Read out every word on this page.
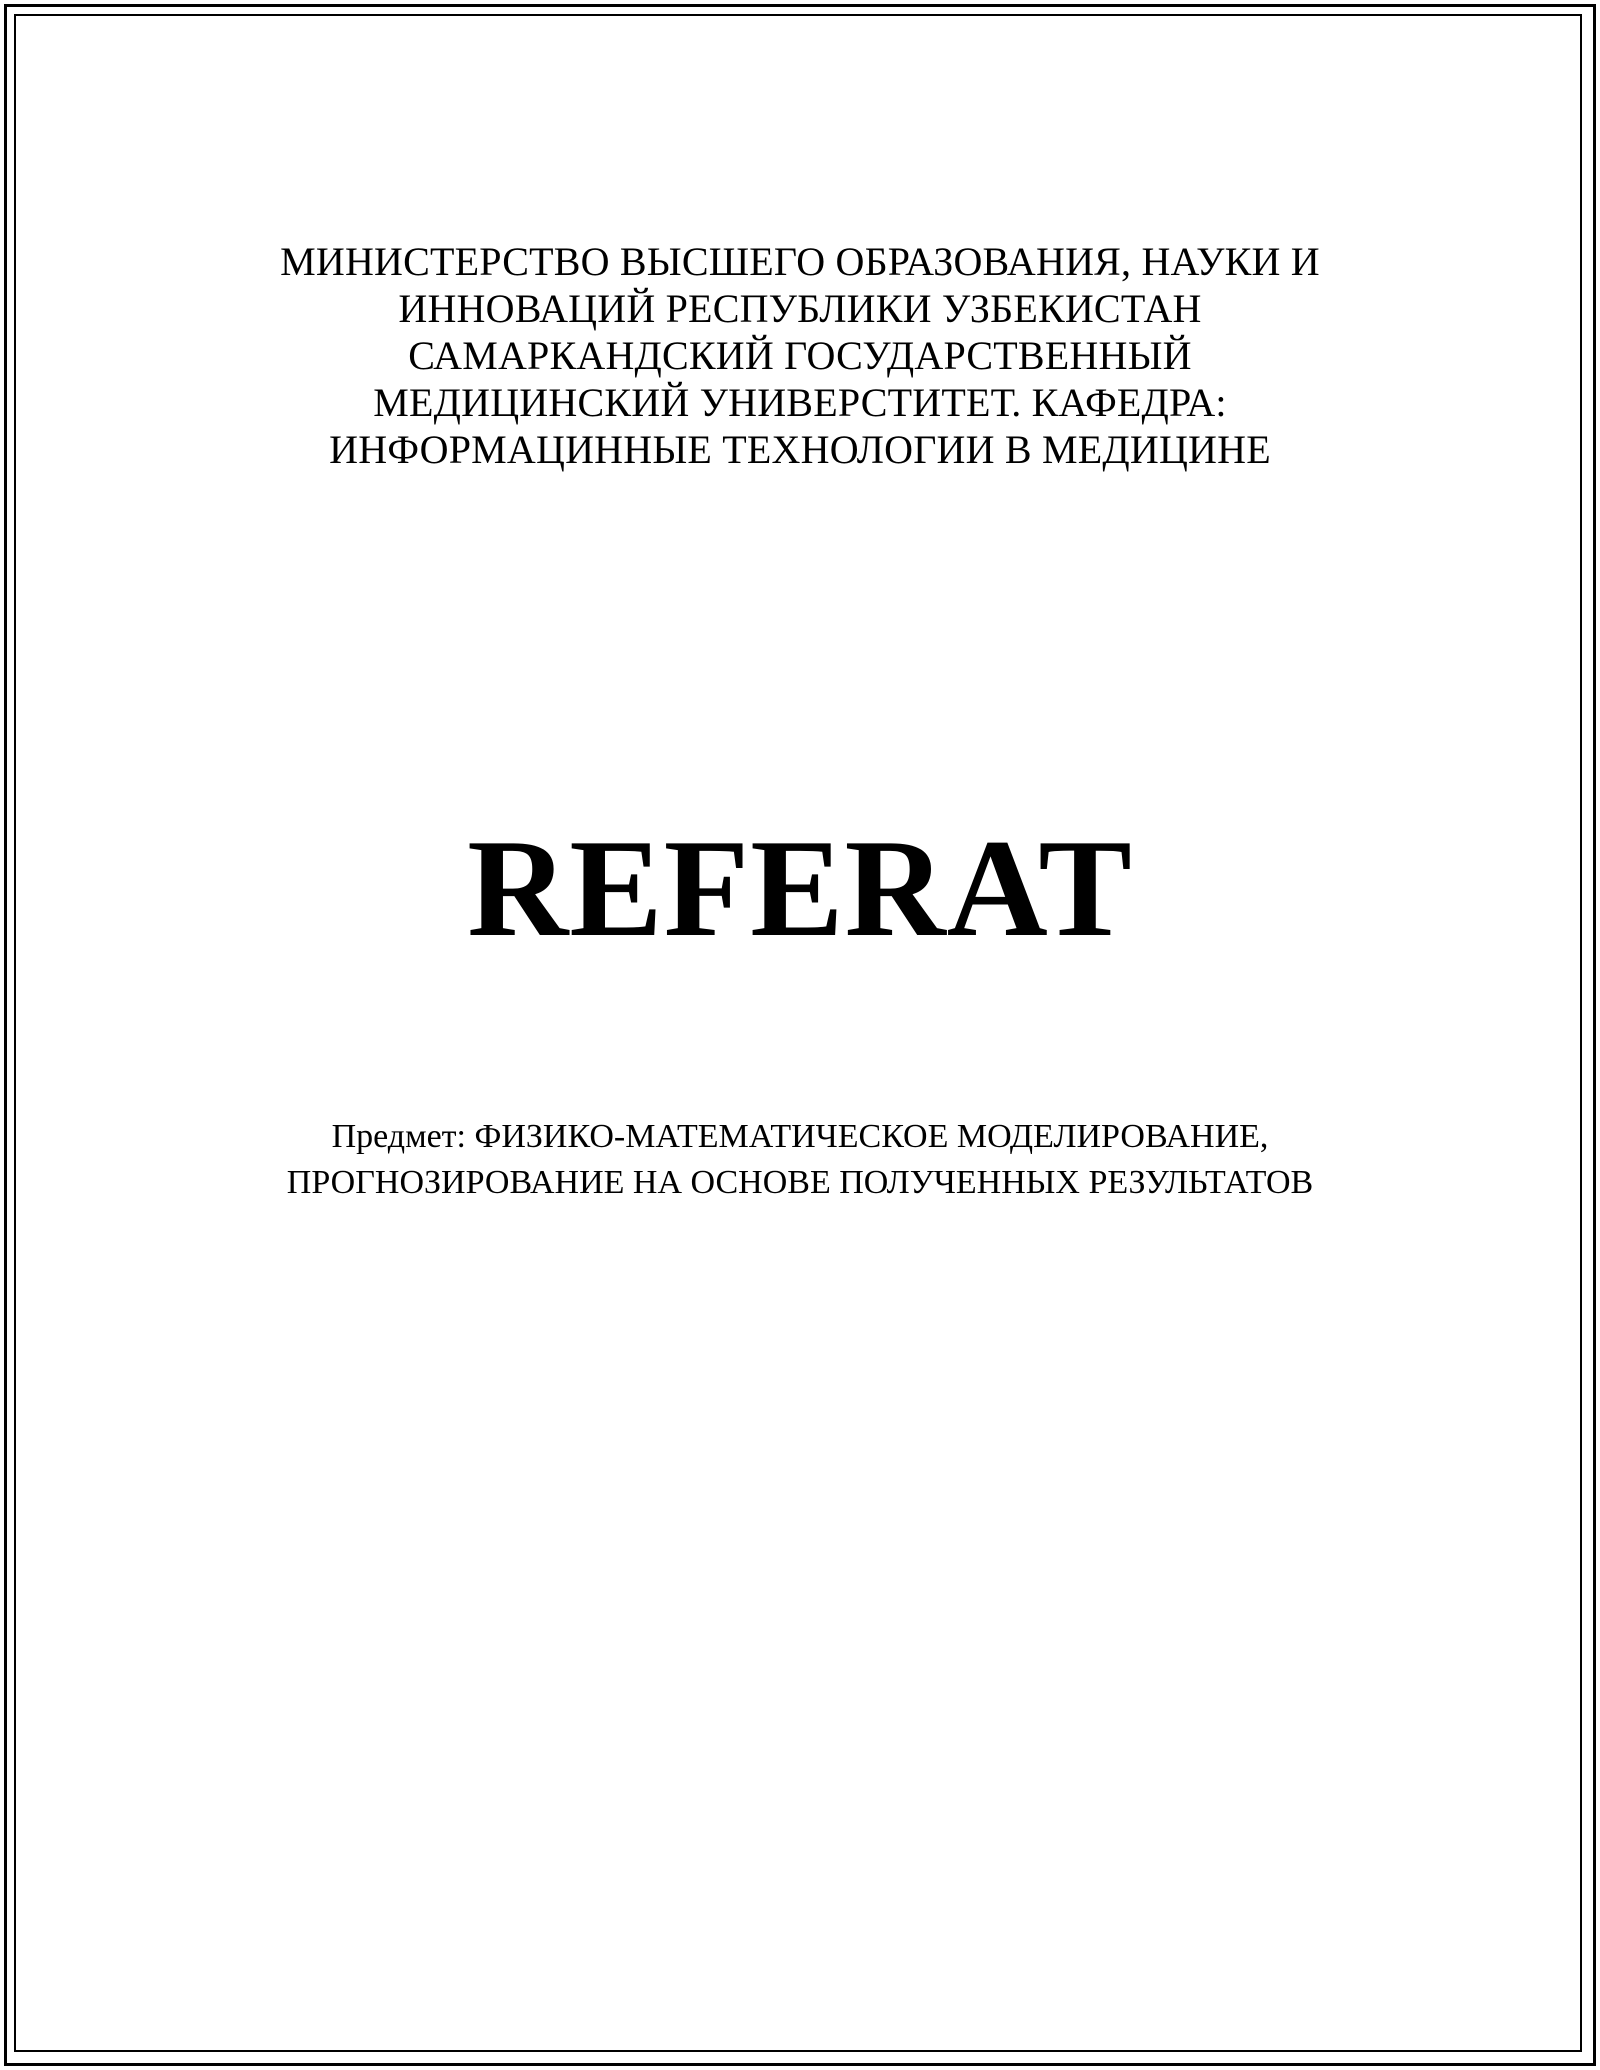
МИНИСТЕРСТВО ВЫСШЕГО ОБРАЗОВАНИЯ, НАУКИ И
ИННОВАЦИЙ РЕСПУБЛИКИ УЗБЕКИСТАН
САМАРКАНДСКИЙ ГОСУДАРСТВЕННЫЙ
МЕДИЦИНСКИЙ УНИВЕРСТИТЕТ. КАФЕДРА:
ИНФОРМАЦИННЫЕ ТЕХНОЛОГИИ В МЕДИЦИНЕ
REFERAT
Предмет: ФИЗИКО-МАТЕМАТИЧЕСКОЕ МОДЕЛИРОВАНИЕ,
ПРОГНОЗИРОВАНИЕ НА ОСНОВЕ ПОЛУЧЕННЫХ РЕЗУЛЬТАТОВ
